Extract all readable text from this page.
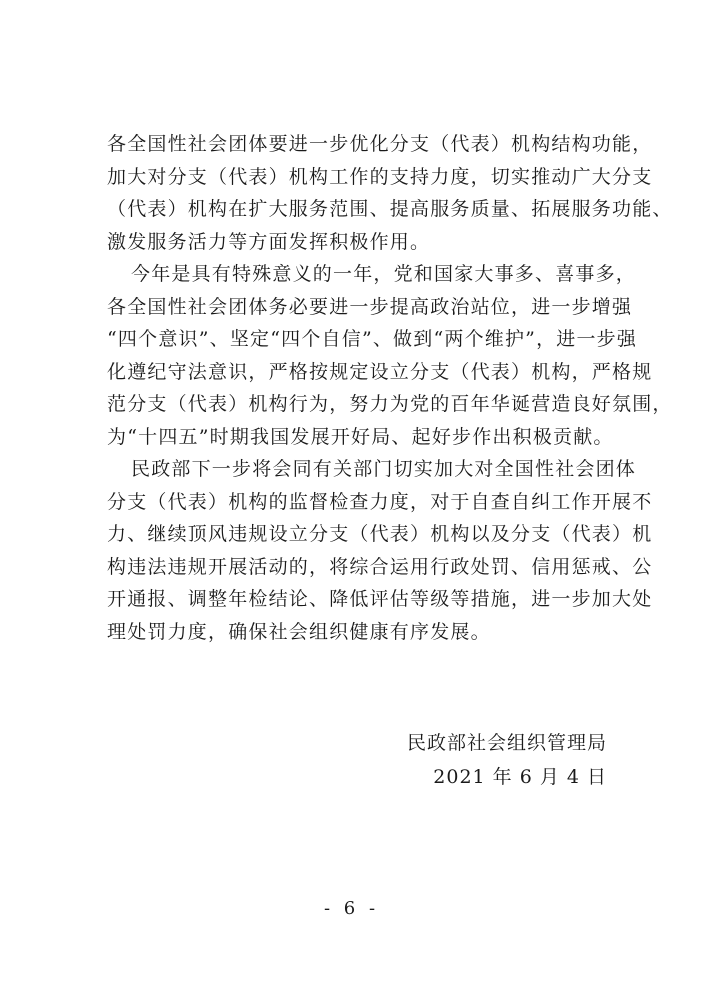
各全国性社会团体要进一步优化分支（代表）机构结构功能，
加大对分支（代表）机构工作的支持力度，切实推动广大分支
（代表）机构在扩大服务范围、提高服务质量、拓展服务功能、
激发服务活力等方面发挥积极作用。
今年是具有特殊意义的一年，党和国家大事多、喜事多，
各全国性社会团体务必要进一步提高政治站位，进一步增强
“四个意识”、坚定“四个自信”、做到“两个维护”，进一步强
化遵纪守法意识，严格按规定设立分支（代表）机构，严格规
范分支（代表）机构行为，努力为党的百年华诞营造良好氛围，
为“十四五”时期我国发展开好局、起好步作出积极贡献。
民政部下一步将会同有关部门切实加大对全国性社会团体
分支（代表）机构的监督检查力度，对于自查自纠工作开展不
力、继续顶风违规设立分支（代表）机构以及分支（代表）机
构违法违规开展活动的，将综合运用行政处罚、信用惩戒、公
开通报、调整年检结论、降低评估等级等措施，进一步加大处
理处罚力度，确保社会组织健康有序发展。
民政部社会组织管理局
2021 年 6 月 4 日
- 6 -
